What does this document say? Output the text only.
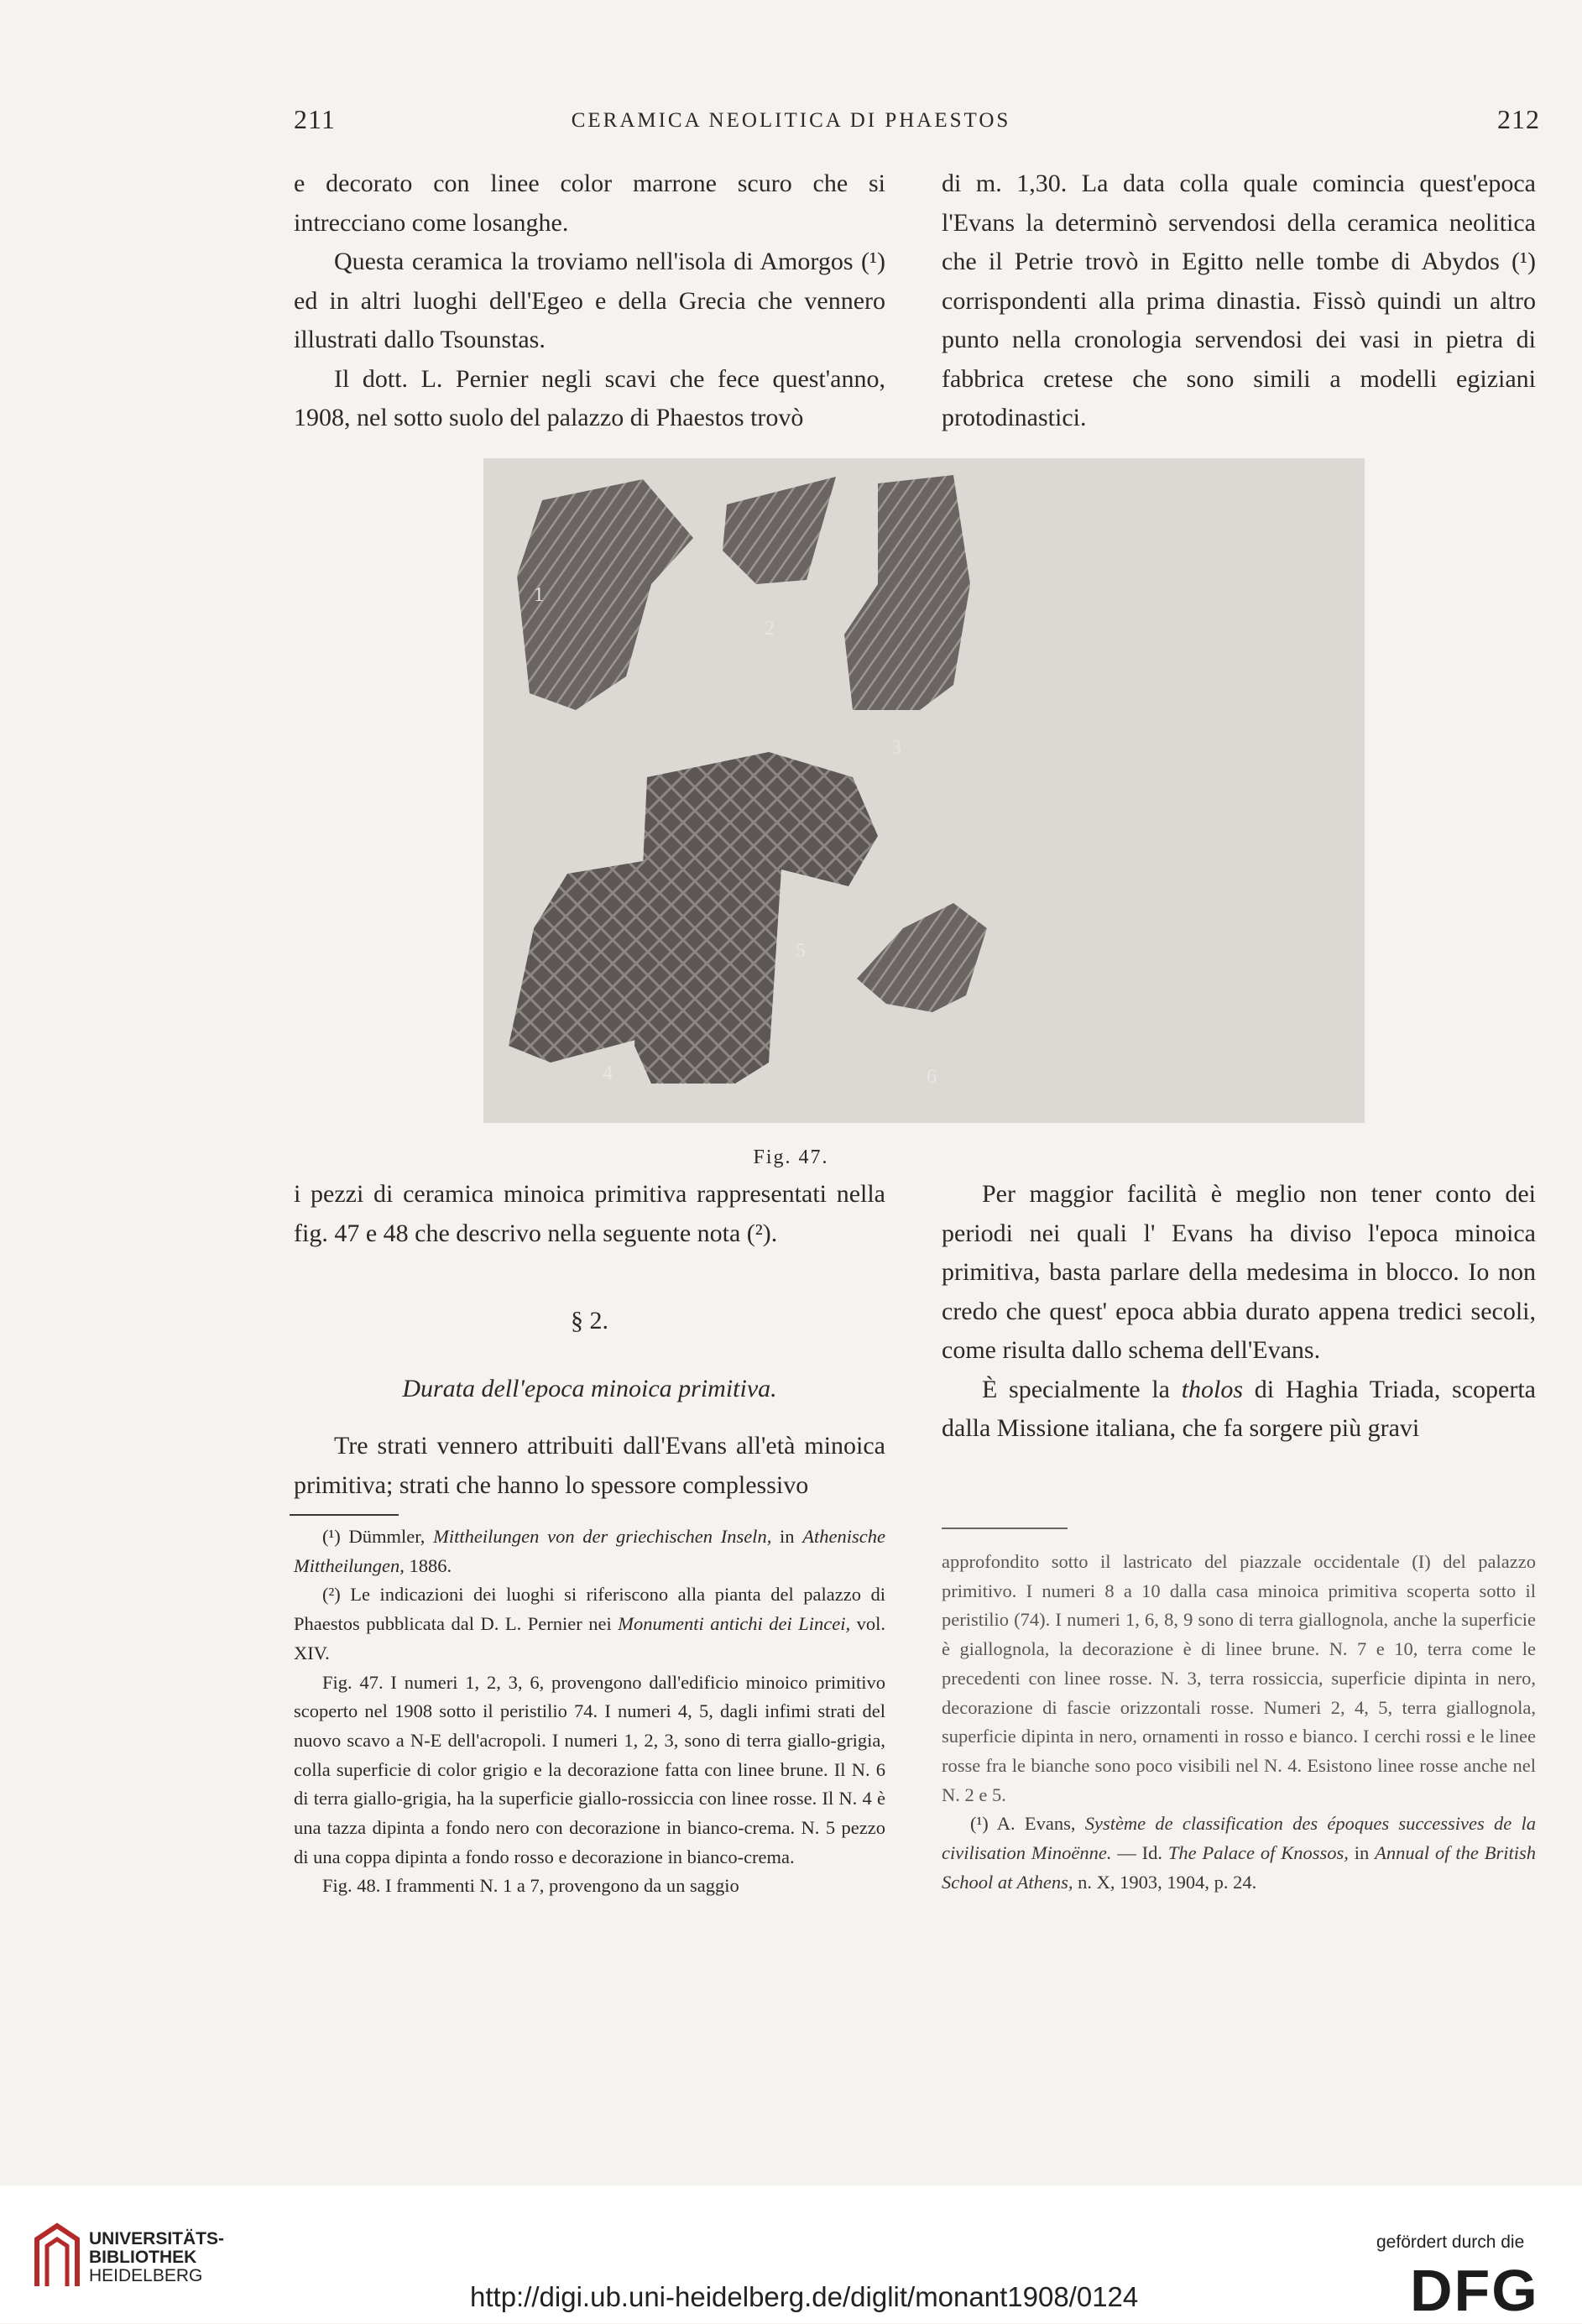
211	CERAMICA NEOLITICA DI PHAESTOS	212

e decorato con linee color marrone scuro che si intrecciano come losanghe.

Questa ceramica la troviamo nell'isola di Amorgos (¹) ed in altri luoghi dell'Egeo e della Grecia che vennero illustrati dallo Tsounstas.

Il dott. L. Pernier negli scavi che fece quest'anno, 1908, nel sotto suolo del palazzo di Phaestos trovò

di m. 1,30. La data colla quale comincia quest'epoca l'Evans la determinò servendosi della ceramica neolitica che il Petrie trovò in Egitto nelle tombe di Abydos (¹) corrispondenti alla prima dinastia. Fissò quindi un altro punto nella cronologia servendosi dei vasi in pietra di fabbrica cretese che sono simili a modelli egiziani protodinastici.

1
2
3
4
5
6
Fig. 47.

i pezzi di ceramica minoica primitiva rappresentati nella fig. 47 e 48 che descrivo nella seguente nota (²).

§ 2.

Durata dell'epoca minoica primitiva.

Tre strati vennero attribuiti dall'Evans all'età minoica primitiva; strati che hanno lo spessore complessivo

Per maggior facilità è meglio non tener conto dei periodi nei quali l' Evans ha diviso l'epoca minoica primitiva, basta parlare della medesima in blocco. Io non credo che quest' epoca abbia durato appena tredici secoli, come risulta dallo schema dell'Evans.

È specialmente la tholos di Haghia Triada, scoperta dalla Missione italiana, che fa sorgere più gravi

(¹) Dümmler, Mittheilungen von der griechischen Inseln, in Athenische Mittheilungen, 1886.

(²) Le indicazioni dei luoghi si riferiscono alla pianta del palazzo di Phaestos pubblicata dal D. L. Pernier nei Monumenti antichi dei Lincei, vol. XIV.

Fig. 47. I numeri 1, 2, 3, 6, provengono dall'edificio minoico primitivo scoperto nel 1908 sotto il peristilio 74. I numeri 4, 5, dagli infimi strati del nuovo scavo a N-E dell'acropoli. I numeri 1, 2, 3, sono di terra giallo-grigia, colla superficie di color grigio e la decorazione fatta con linee brune. Il N. 6 di terra giallo-grigia, ha la superficie giallo-rossiccia con linee rosse. Il N. 4 è una tazza dipinta a fondo nero con decorazione in bianco-crema. N. 5 pezzo di una coppa dipinta a fondo rosso e decorazione in bianco-crema.

Fig. 48. I frammenti N. 1 a 7, provengono da un saggio

approfondito sotto il lastricato del piazzale occidentale (I) del palazzo primitivo. I numeri 8 a 10 dalla casa minoica primitiva scoperta sotto il peristilio (74). I numeri 1, 6, 8, 9 sono di terra giallognola, anche la superficie è giallognola, la decorazione è di linee brune. N. 7 e 10, terra come le precedenti con linee rosse. N. 3, terra rossiccia, superficie dipinta in nero, decorazione di fascie orizzontali rosse. Numeri 2, 4, 5, terra giallognola, superficie dipinta in nero, ornamenti in rosso e bianco. I cerchi rossi e le linee rosse fra le bianche sono poco visibili nel N. 4. Esistono linee rosse anche nel N. 2 e 5.

(¹) A. Evans, Système de classification des époques successives de la civilisation Minoënne. — Id. The Palace of Knossos, in Annual of the British School at Athens, n. X, 1903, 1904, p. 24.

UNIVERSITÄTS-
BIBLIOTHEK
HEIDELBERG
http://digi.ub.uni-heidelberg.de/diglit/monant1908/0124
gefördert durch die
DFG
